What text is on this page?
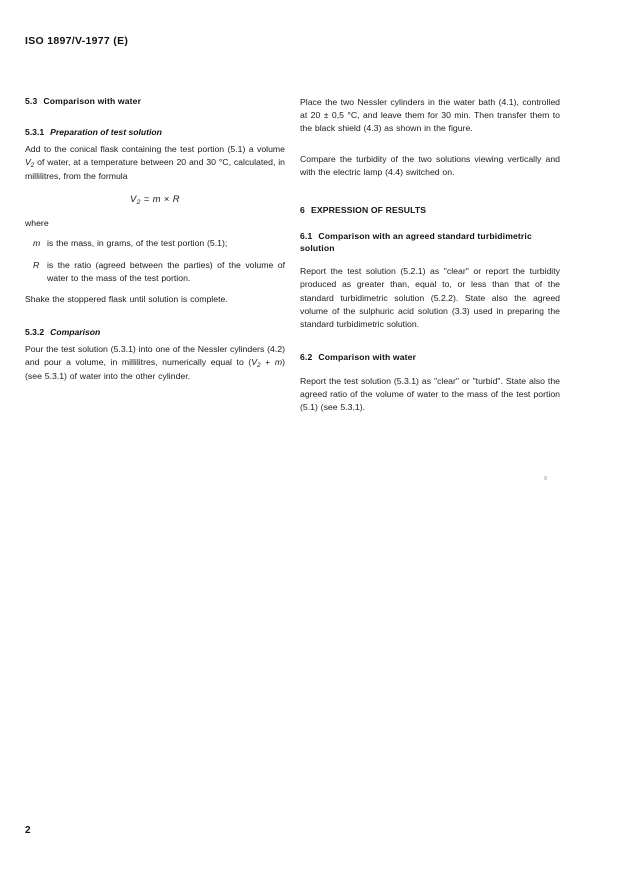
ISO 1897/V-1977 (E)
5.3 Comparison with water
5.3.1 Preparation of test solution

Add to the conical flask containing the test portion (5.1) a volume $V_2$ of water, at a temperature between 20 and 30 °C, calculated, in millilitres, from the formula

$V_2 = m \times R$
where

m is the mass, in grams, of the test portion (5.1);

R is the ratio (agreed between the parties) of the volume of water to the mass of the test portion.

Shake the stoppered flask until solution is complete.

5.3.2 Comparison

Pour the test solution (5.3.1) into one of the Nessler cylinders (4.2) and pour a volume, in millilitres, numerically equal to $(V_2 + m)$ (see 5.3.1) of water into the other cylinder.

Place the two Nessler cylinders in the water bath (4.1), controlled at 20 ± 0,5 °C, and leave them for 30 min. Then transfer them to the black shield (4.3) as shown in the figure.

Compare the turbidity of the two solutions viewing vertically and with the electric lamp (4.4) switched on.

6 EXPRESSION OF RESULTS
6.1 Comparison with an agreed standard turbidimetric solution

Report the test solution (5.2.1) as "clear" or report the turbidity produced as greater than, equal to, or less than that of the standard turbidimetric solution (5.2.2). State also the agreed volume of the sulphuric acid solution (3.3) used in preparing the standard turbidimetric solution.

6.2 Comparison with water

Report the test solution (5.3.1) as "clear" or "turbid". State also the agreed ratio of the volume of water to the mass of the test portion (5.1) (see 5.3.1).

2
